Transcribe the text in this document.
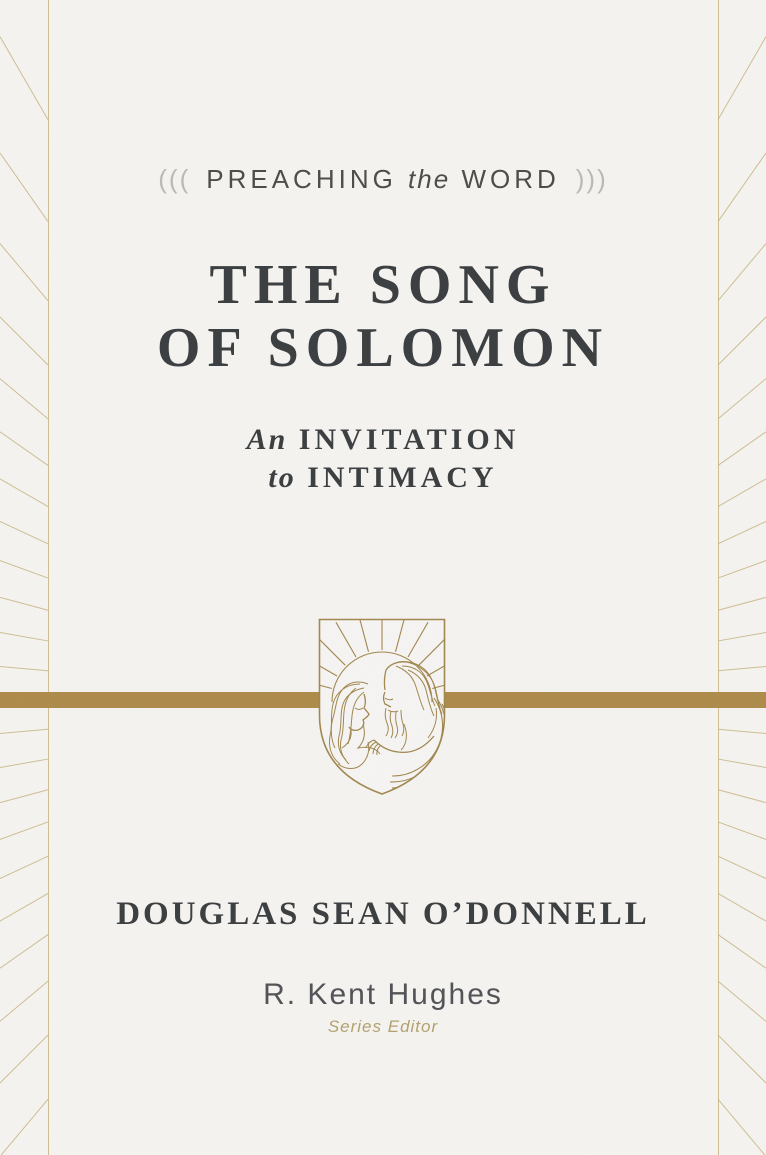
((( PREACHING the WORD )))
THE SONG
OF SOLOMON
An INVITATION
to INTIMACY
DOUGLAS SEAN O’DONNELL
R. Kent Hughes
Series Editor
